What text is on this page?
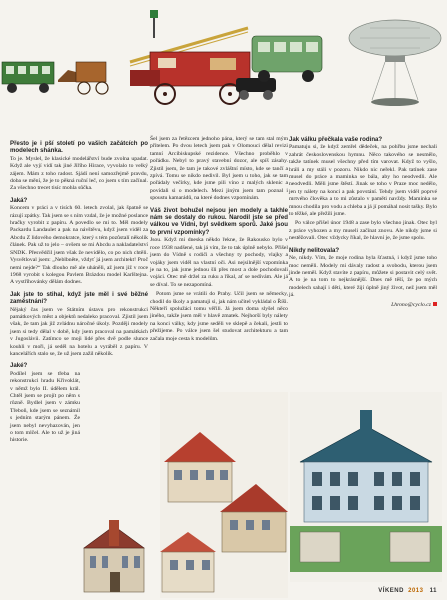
Přesto je i pší století po vašich začátcích po modelech shánka.
To je. Myslel, že klasické modelářství bude zvolna upadat. Když ale vyjí vidí tak jiné Jiřího Hirace, vyvolalo to velký zájem. Mám z toho radost. Sjádí není samozřejmě pravdu, doba se mění, že je to pěkná ruční leč, co jsem s tím začínal. Za všechno trecet tisíc mohla sůčka.
Jaká?
Koncem v práci a v tisích 60. letech zvolal, jak špatně se rázují zpátky. Tak jsem se s ním vzdal, že je možné poslance hračky vyrobit z papíru. A povedlo se mi to. Měl modely Packardu Landaulet a pak na návštěvu, když jsem viděl za Abcdu Z lidového demokratce, který s tém pozůstalí několik článek. Pak už to jelo – ovšem se mi Abcdu a nakladatelství SNDK. Přesvědčil jsem však že nevidělo, co po nich chtěli. Vysvětloval jsem: „Neblbněte, vždyť já jsem architekt! Proč nemi nejde?“ Tak dlouho mě ale uháněli, až jsem již v roce 1968 vyrobit s kolegou Pavlem Brázdou model Karlštejna. A vystříhovánky dělám dodnes.
Jak jste to stihal, když jste měl i své běžné zaměstnání?
Nějaký čas jsem ve Státním ústavu pro rekonstrukci památkových měst a objektů nedaleko pracoval. Zjistil jsem však, že tam jak již zvládnu náročné úkoly. Později modely jsem si tedy dělal v době, kdy jsem pracoval na památkách v Jugoslávii. Zatímco se moji lidé přes dvě podle slunce kouhli v moři, já seděl na hotelu a vyráběl z papíru. V kancelářích stalo se, že už jsem zažil několik.
Jaké?
Podílel jsem se třeba na rekonstrukci hradu Křivoklát, v němž bylo II. údělem král. Chtěl jsem se projít po něm s různě. Bydlel jsem v zámku Třeboň, kde jsem se seznámil s jedním starým pánem. Že jsem nebyl nevyhazován, jen o tom mlčel. Ale to už je jiná historie.
Šel jsem za řetězcem jednoho pána, který se tam stal mým přítelem. Po dvou letech jsem pak v Olomouci dělal revizi tamní Arcibiskupské rezidence. Všechno proběhlo v pořádku. Nebyl to pravý stavební dozor, ale spíš zásahy. Zjistil jsem, že tam je takové zvláštní místo, kde se tančí a zpívá. Tomu se nikdo nedivil. Byl jsem u toho, jak se tam pořádaly večírky, kde jsme pili víno z malých sklenic a povídali si o modelech. Mezi jiným jsem tam poznal i spoustu kamarádů, na které dodnes vzpomínám.
Váš život bohužel nejsou jen modely a takhle nám se dostaly do rukou. Narodil jste se před válkou ve Vídni, byl svědkem sporů. Jaké jsou to první vzpomínky?
Jsou. Když mi dneska někdo řekne, že Rakousko bylo v roce 1938 nadšené, tak já vím, že to tak úplně nebylo. Přišel jsem do Vídně s rodiči a všechny ty pochody, vlajky a vojáky jsem viděl na vlastní oči. Asi nejsilnější vzpomínka je na to, jak jsme jednou šli přes most a dole pochodovali vojáci. Otec mě držel za ruku a říkal, ať se nedívám. Ale já se díval. To se nezapomíná.
Potom jsme se vrátili do Prahy. Učil jsem se německy, chodil do školy a pamatuji si, jak nám učitel vykládal o Říši. Někteří spolužáci tomu věřili. Já jsem doma slyšel něco jiného, takže jsem měl v hlavě zmatek. Nejhorší byly nálety na konci války, kdy jsme seděli ve sklepě a čekali, jestli to přežijeme. Po válce jsem šel studovat architekturu a tam začala moje cesta k modelům.
Jak válku přečkala vaše rodina?
Pamatuju si, že když zemřel dědeček, na pohřbu jsme nechali zahrát československou hymnu. Něco takového se nesmělo, takže tatínek musel všechny před tím varovat. Když to vyšlo, hráli a my stáli v pozoru. Nikdo nic neřekl. Pak tatínek zase musel do práce a maminka se bála, aby ho neodvedli. Ale neodvedli. Měli jsme štěstí. Jinak se toho v Praze moc nedělo, jen ty nálety na konci a pak povstání. Tehdy jsem viděl poprvé mrtvého člověka a to mi zůstalo v paměti navždy. Maminka se mnou chodila pro vodu a chleba a já jí pomáhal nosit tašky. Bylo to těžké, ale přežili jsme.
Po válce přišel únor 1948 a zase bylo všechno jinak. Otec byl z práce vyhozen a my museli začínat znovu. Ale nikdy jsme si nestěžovali. Otec vždycky říkal, že hlavní je, že jsme spolu.
Nikdy nelitovala?
Ne, nikdy. Vím, že moje rodina byla šťastná, i když jsme toho moc neměli. Modely mi dávaly radost a svobodu, kterou jsem jinde neměl. Když stavíte z papíru, můžete si postavit celý svět. A to je na tom to nejkrásnější. Dnes mě těší, že po mých modelech sahají i děti, které žijí úplně jiný život, než jsem měl já.
Lhrono@cyclo.cz
VÍKEND 2013 11
